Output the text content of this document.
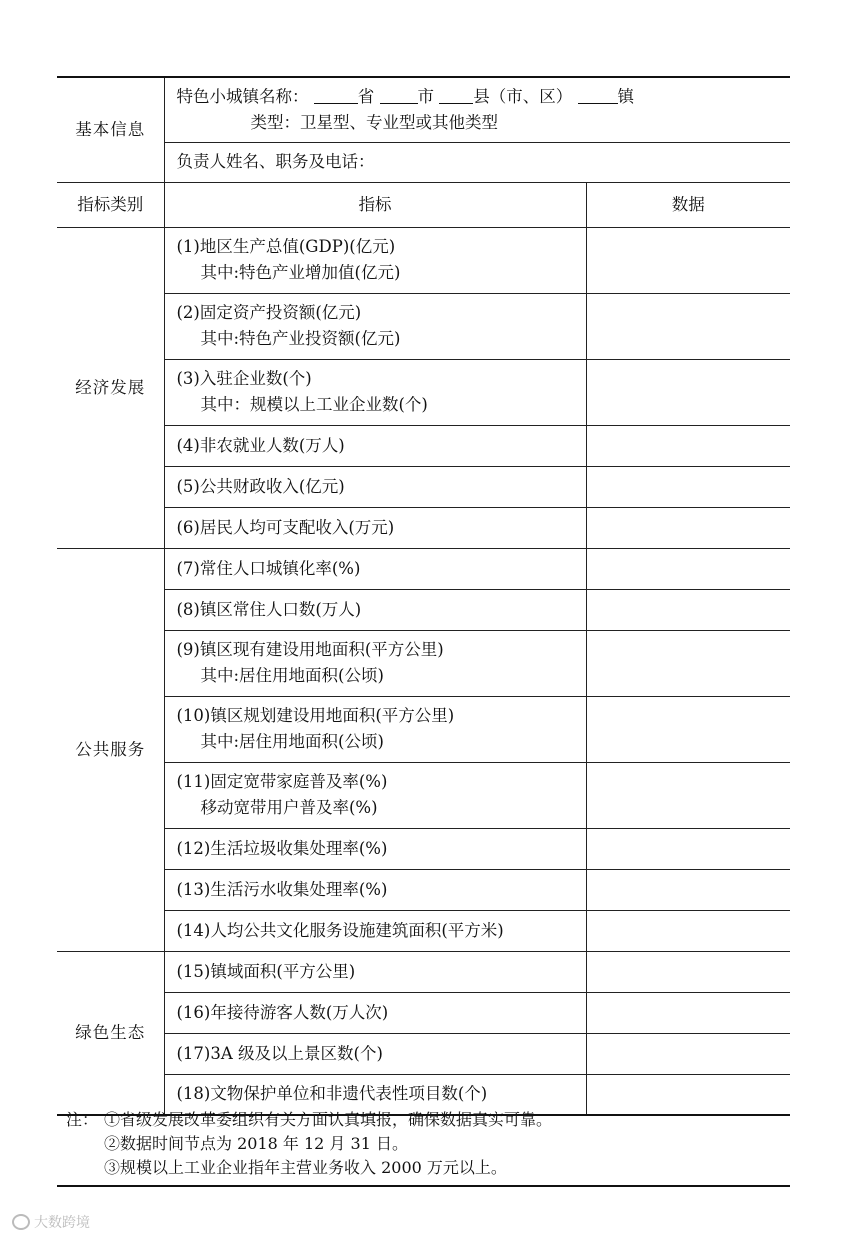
基本信息	特色小城镇名称： 省 市 县（市、区） 镇
类型：卫星型、专业型或其他类型	

	负责人姓名、职务及电话：	

指标类别	指标	数据
经济发展	(1)地区生产总值(GDP)(亿元)
其中:特色产业增加值(亿元)	

	(2)固定资产投资额(亿元)
其中:特色产业投资额(亿元)	

	(3)入驻企业数(个)
其中：规模以上工业企业数(个)	

	(4)非农就业人数(万人)	
	(5)公共财政收入(亿元)	
	(6)居民人均可支配收入(万元)	
公共服务	(7)常住人口城镇化率(%)	
	(8)镇区常住人口数(万人)	
	(9)镇区现有建设用地面积(平方公里)
其中:居住用地面积(公顷)	

	(10)镇区规划建设用地面积(平方公里)
其中:居住用地面积(公顷)	

	(11)固定宽带家庭普及率(%)
移动宽带用户普及率(%)	

	(12)生活垃圾收集处理率(%)	
	(13)生活污水收集处理率(%)	
	(14)人均公共文化服务设施建筑面积(平方米)	
绿色生态	(15)镇域面积(平方公里)	
	(16)年接待游客人数(万人次)	
	(17)3A 级及以上景区数(个)	
	(18)文物保护单位和非遗代表性项目数(个)	
注： ①省级发展改革委组织有关方面认真填报，确保数据真实可靠。
②数据时间节点为 2018 年 12 月 31 日。
③规模以上工业企业指年主营业务收入 2000 万元以上。
大数跨境
